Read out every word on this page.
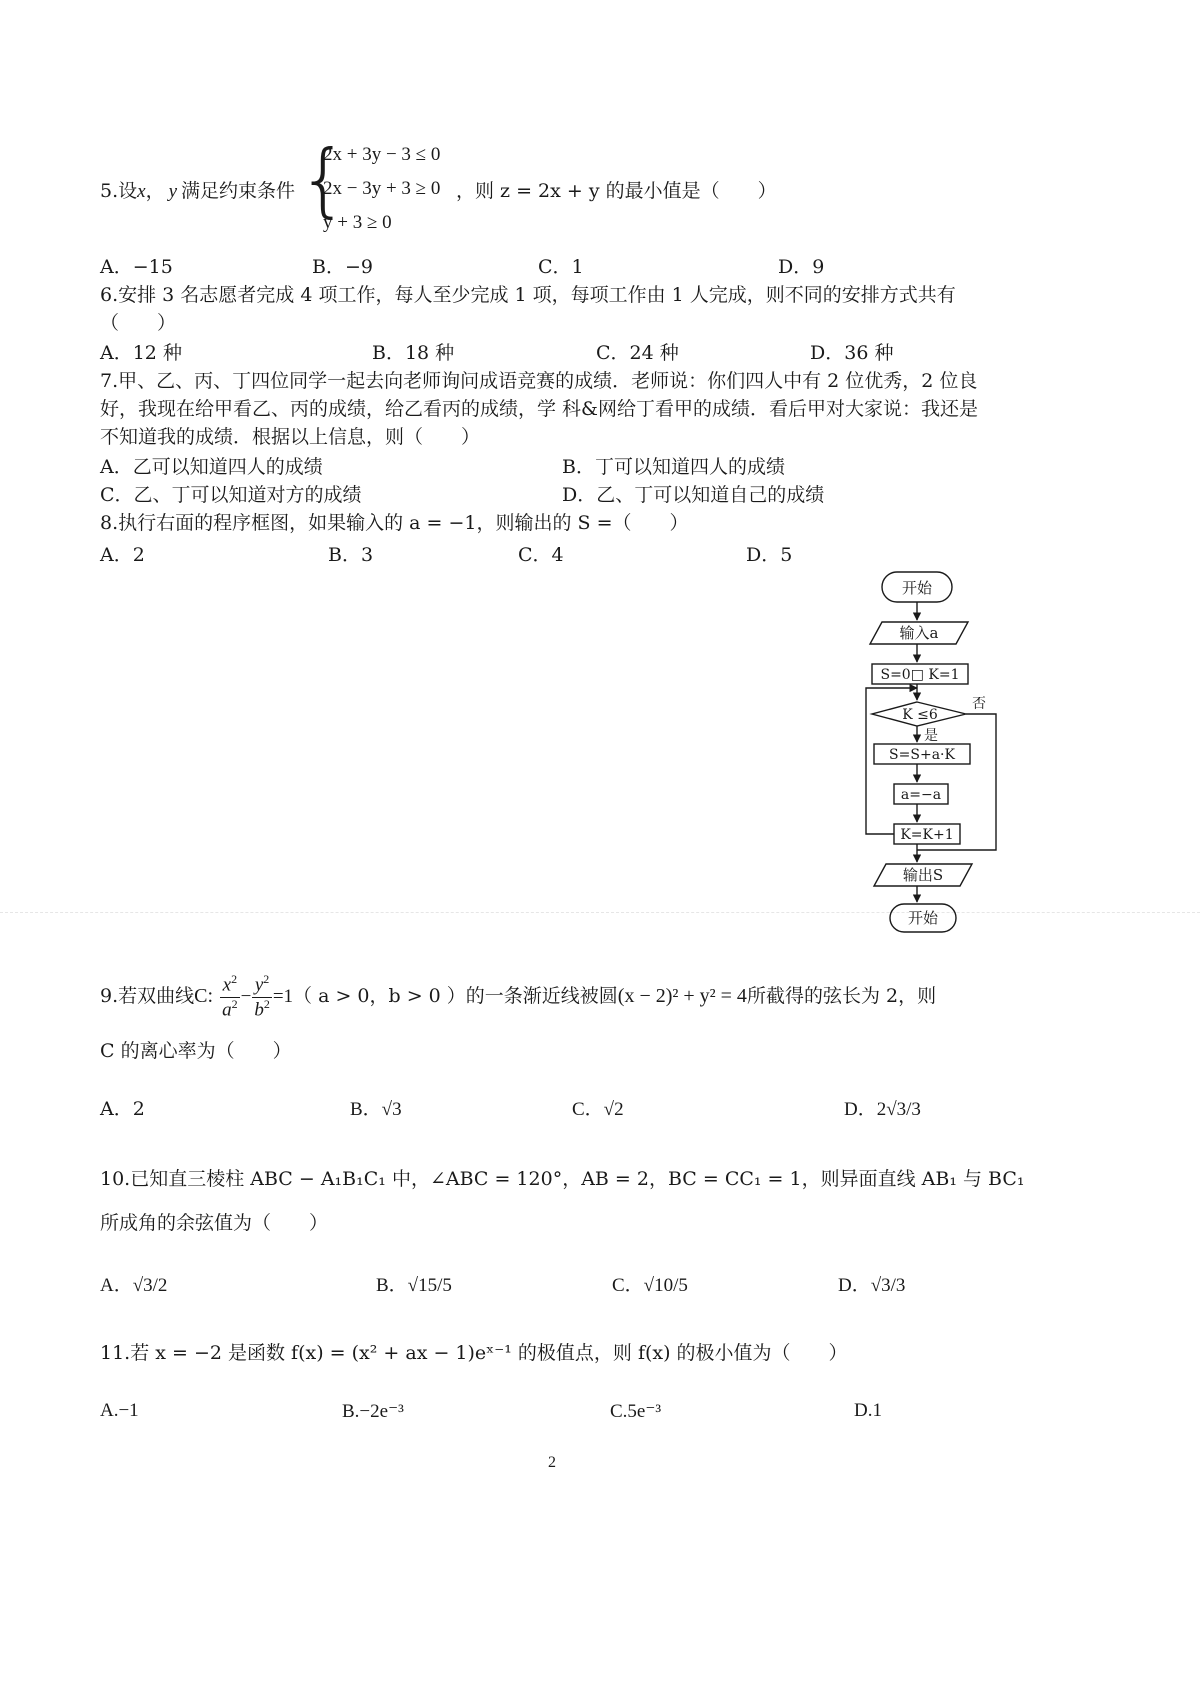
5.设x， y 满足约束条件 {
2x + 3y − 3 ≤ 0
2x − 3y + 3 ≥ 0
y + 3 ≥ 0
，则 z = 2x + y 的最小值是（　　）
A．−15	B．−9	C．1	D．9
6.安排 3 名志愿者完成 4 项工作，每人至少完成 1 项，每项工作由 1 人完成，则不同的安排方式共有
（　　）
A．12 种	B．18 种	C．24 种	D．36 种
7.甲、乙、丙、丁四位同学一起去向老师询问成语竞赛的成绩．老师说：你们四人中有 2 位优秀，2 位良
好，我现在给甲看乙、丙的成绩，给乙看丙的成绩，学 科&网给丁看甲的成绩．看后甲对大家说：我还是
不知道我的成绩．根据以上信息，则（　　）
A．乙可以知道四人的成绩	B．丁可以知道四人的成绩
C．乙、丁可以知道对方的成绩	D．乙、丁可以知道自己的成绩
8.执行右面的程序框图，如果输入的 a = −1，则输出的 S =（　　）
A．2	B．3	C．4	D．5
开始
输入a
S=0□ K=1
K ≤6
否
是
S=S+a·K
a=−a
K=K+1
输出S
开始
9.若双曲线C: $\frac{x^2}{a^2} - \frac{y^2}{b^2} =1$（ a > 0，b > 0 ）的一条渐近线被圆(x − 2)² + y² = 4所截得的弦长为 2，则
C 的离心率为（　　）
A．2	B．√3	C．√2	D．2√3/3
10.已知直三棱柱 ABC − A₁B₁C₁ 中，∠ABC = 120°，AB = 2，BC = CC₁ = 1，则异面直线 AB₁ 与 BC₁
所成角的余弦值为（　　）
A．√3/2	B．√15/5	C．√10/5	D．√3/3
11.若 x = −2 是函数 f(x) = (x² + ax − 1)eˣ⁻¹ 的极值点，则 f(x) 的极小值为（　　）
A.−1	B.−2e⁻³	C.5e⁻³	D.1
2
